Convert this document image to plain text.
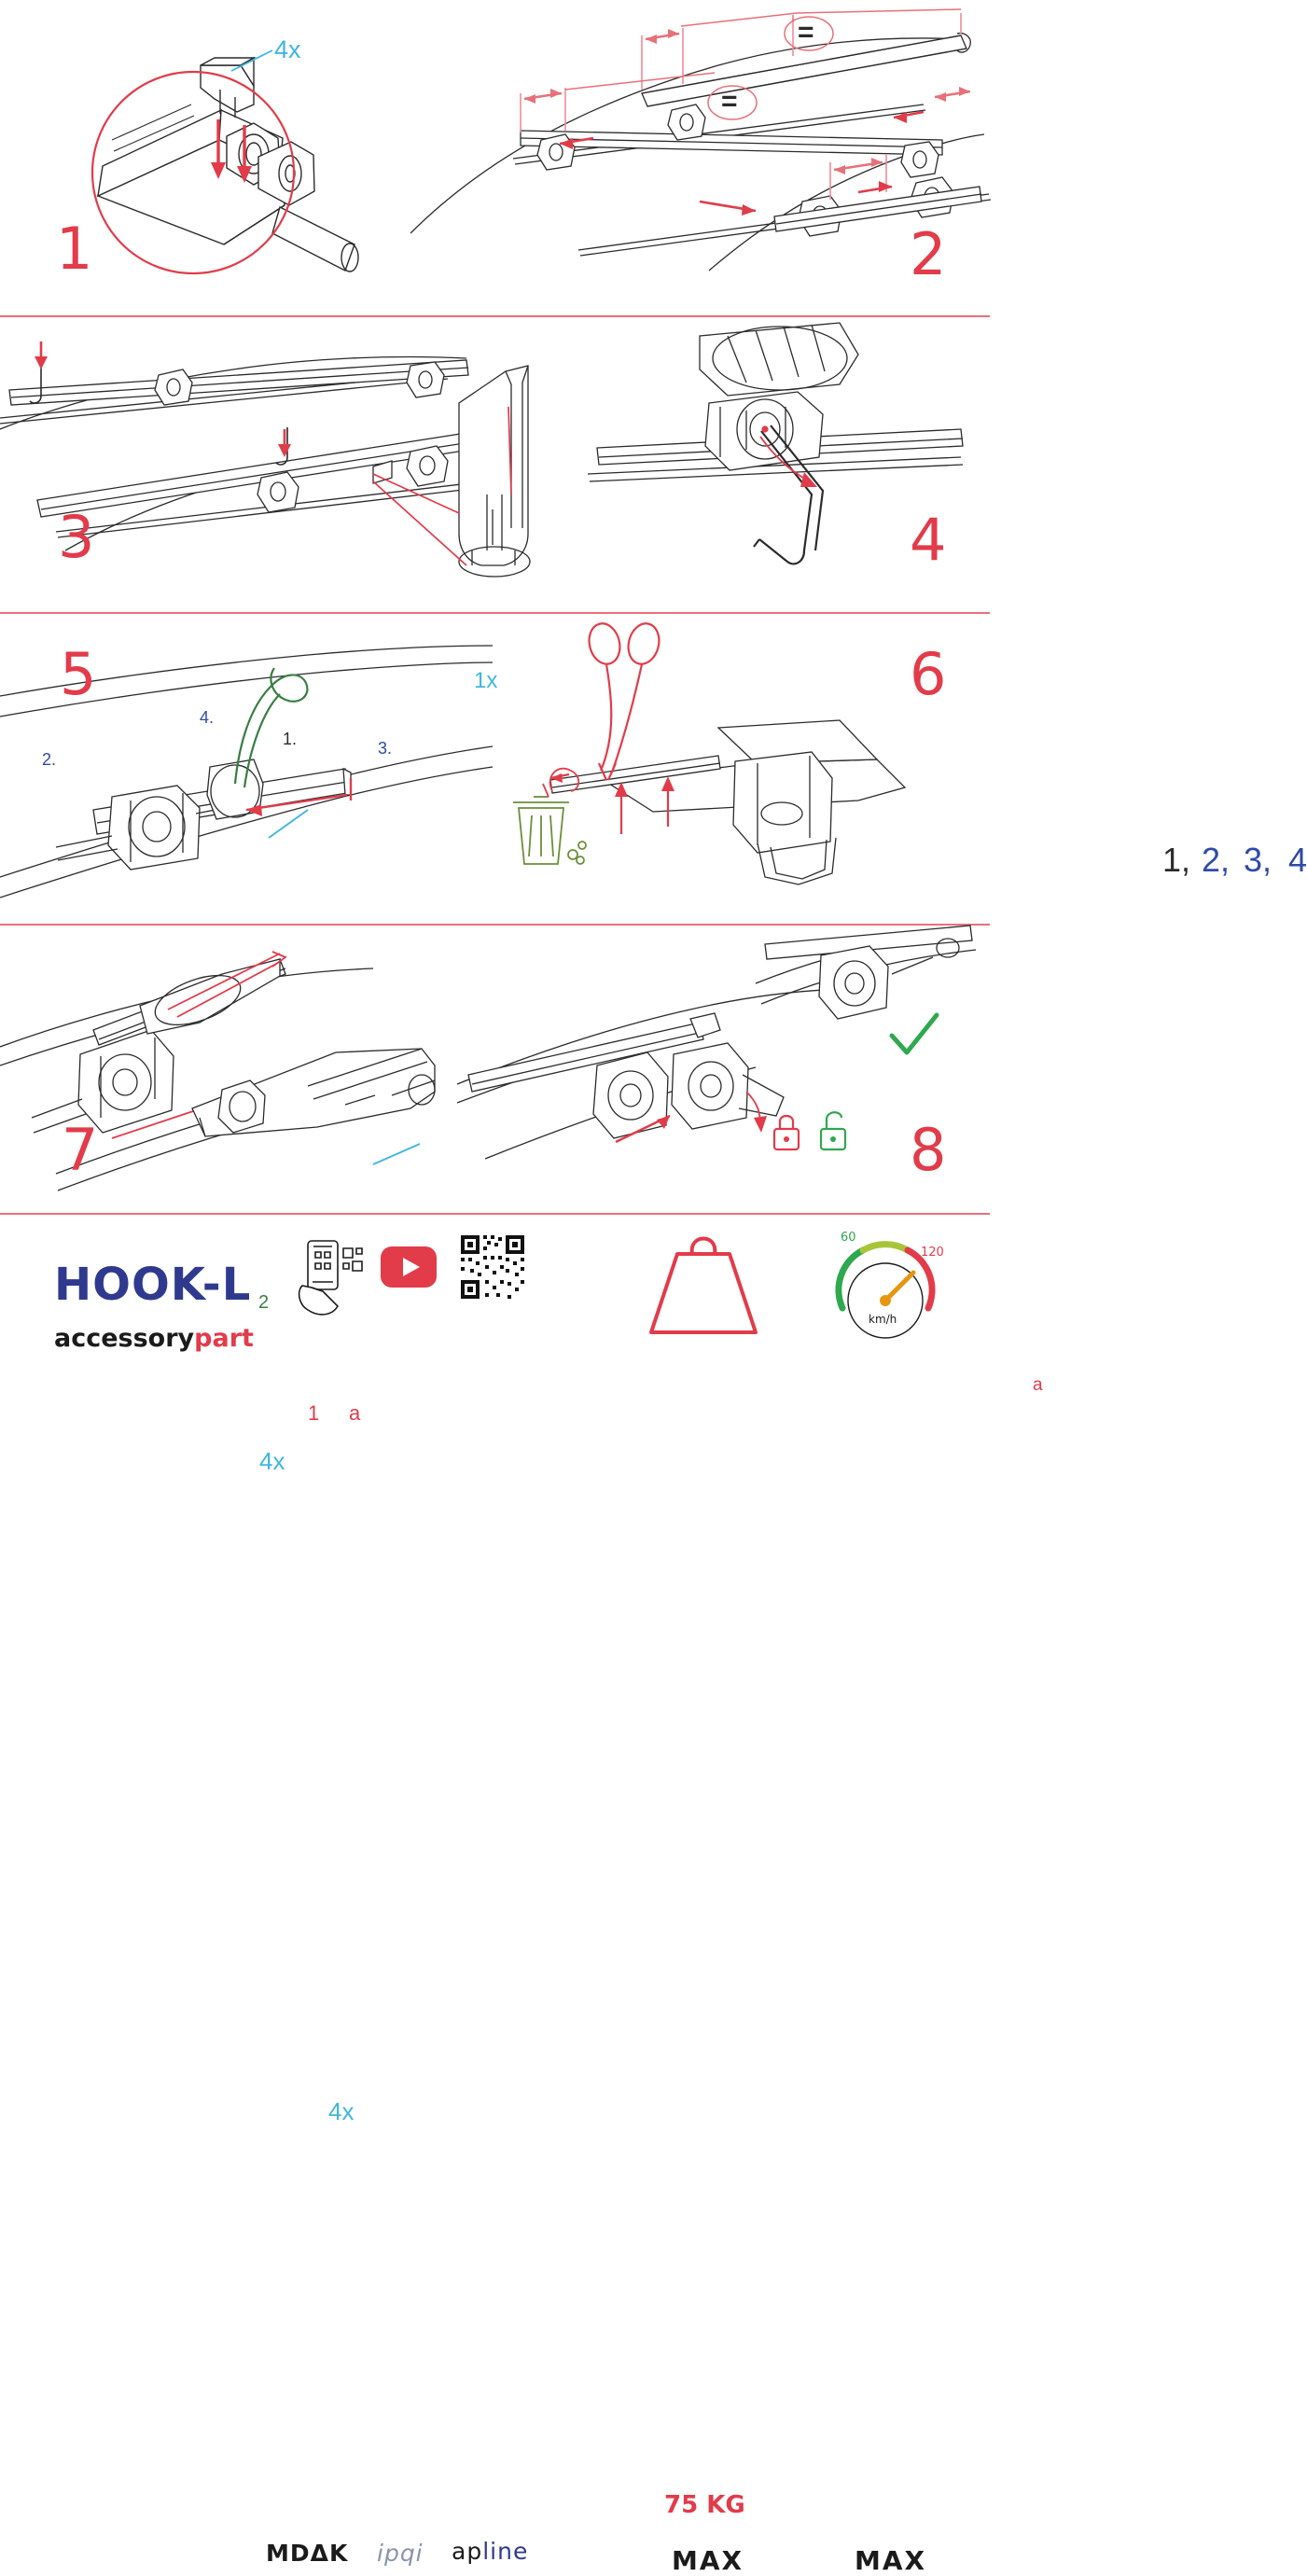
4x
1
=
=
2
1.
2.
3.
4.
1x
3
1, 2, 3, 4
4
1
2
a
4x
5
a
6
4x
7	8
75 KG
MAX
60
120
km/h
MAX
MDΔK ipqi apline
HOOK-L
accessorypart
